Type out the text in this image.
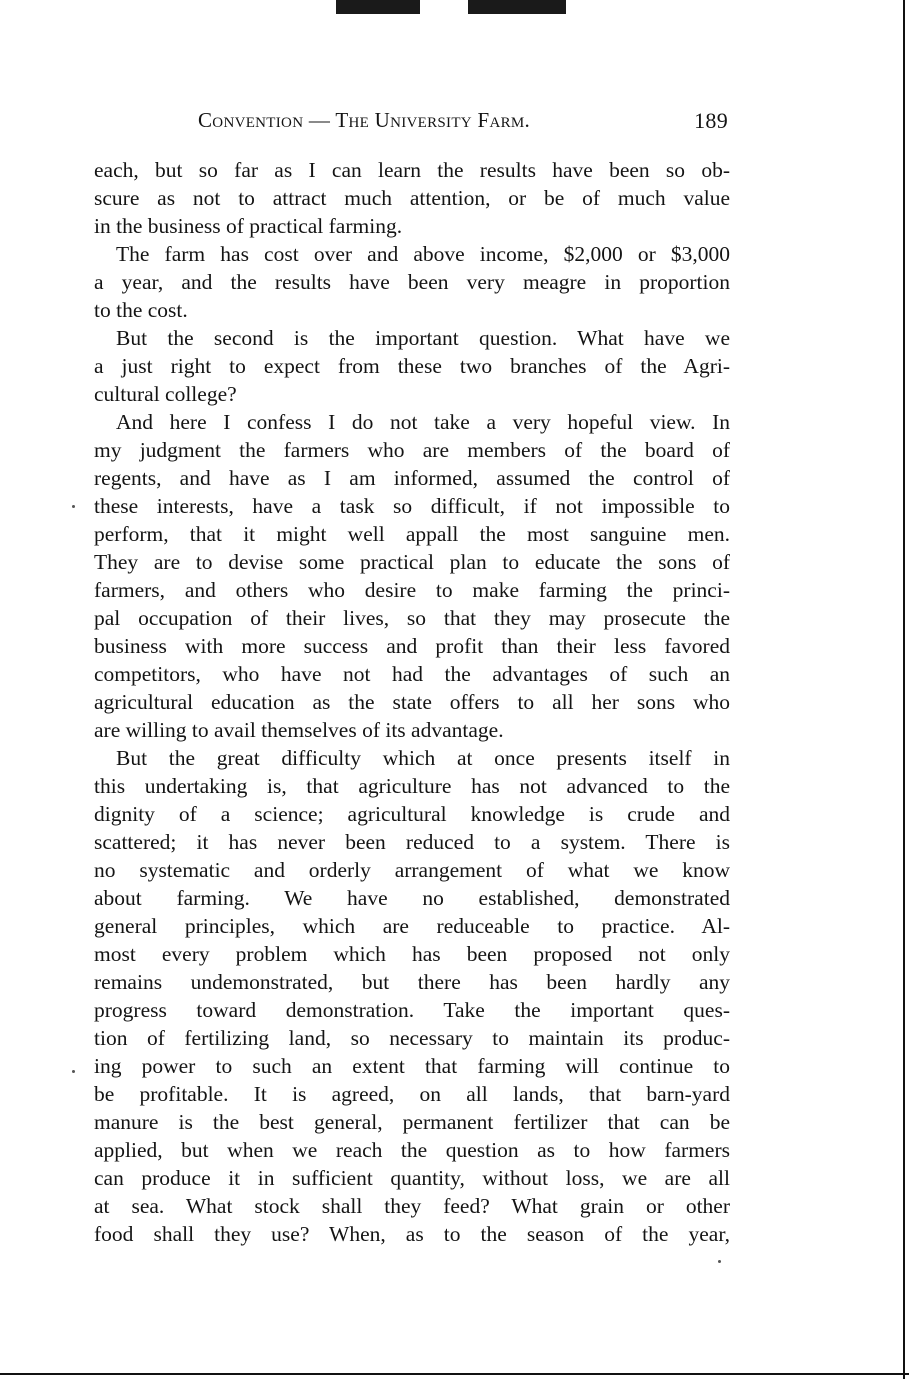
Convention — The University Farm.	189
each, but so far as I can learn the results have been so ob-
scure as not to attract much attention, or be of much value
in the business of practical farming.
The farm has cost over and above income, $2,000 or $3,000
a year, and the results have been very meagre in proportion
to the cost.
But the second is the important question. What have we
a just right to expect from these two branches of the Agri-
cultural college?
And here I confess I do not take a very hopeful view. In
my judgment the farmers who are members of the board of
regents, and have as I am informed, assumed the control of
these interests, have a task so difficult, if not impossible to
perform, that it might well appall the most sanguine men.
They are to devise some practical plan to educate the sons of
farmers, and others who desire to make farming the princi-
pal occupation of their lives, so that they may prosecute the
business with more success and profit than their less favored
competitors, who have not had the advantages of such an
agricultural education as the state offers to all her sons who
are willing to avail themselves of its advantage.
But the great difficulty which at once presents itself in
this undertaking is, that agriculture has not advanced to the
dignity of a science; agricultural knowledge is crude and
scattered; it has never been reduced to a system. There is
no systematic and orderly arrangement of what we know
about farming. We have no established, demonstrated
general principles, which are reduceable to practice. Al-
most every problem which has been proposed not only
remains undemonstrated, but there has been hardly any
progress toward demonstration. Take the important ques-
tion of fertilizing land, so necessary to maintain its produc-
ing power to such an extent that farming will continue to
be profitable. It is agreed, on all lands, that barn-yard
manure is the best general, permanent fertilizer that can be
applied, but when we reach the question as to how farmers
can produce it in sufficient quantity, without loss, we are all
at sea. What stock shall they feed? What grain or other
food shall they use? When, as to the season of the year,
